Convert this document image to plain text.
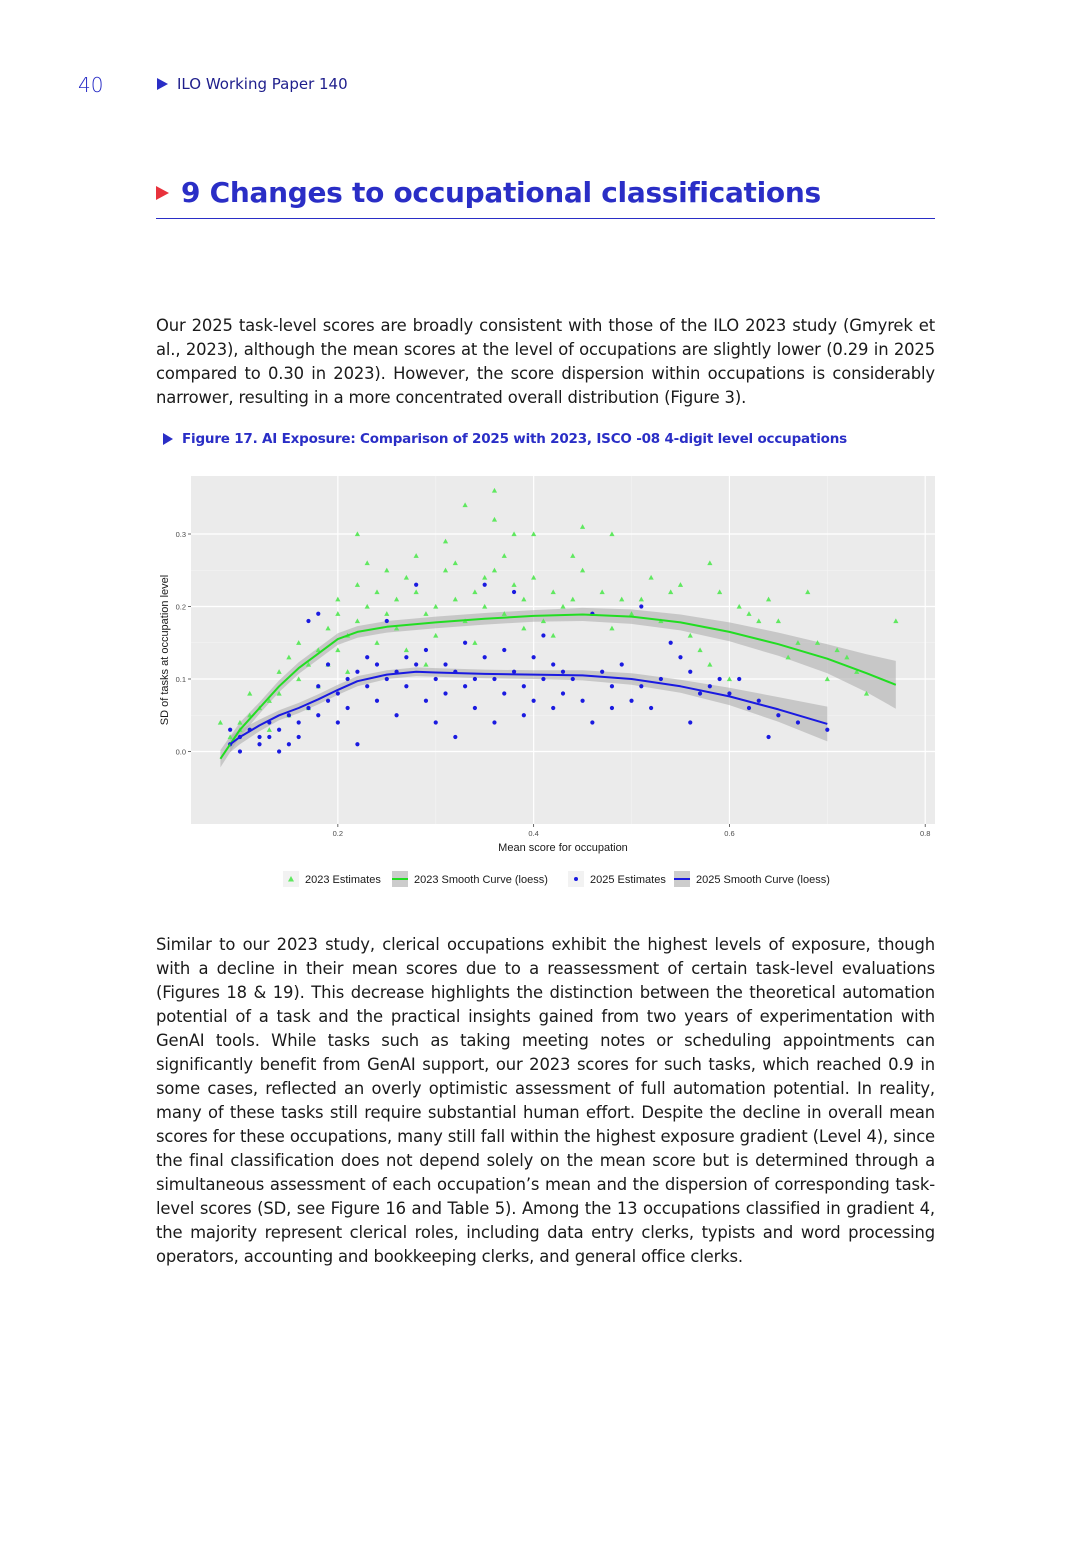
40	ILO Working Paper 140
9 Changes to occupational classifications

Our 2025 task-level scores are broadly consistent with those of the ILO 2023 study (Gmyrek et al., 2023), although the mean scores at the level of occupations are slightly lower (0.29 in 2025 compared to 0.30 in 2023). However, the score dispersion within occupations is considerably narrower, resulting in a more concentrated overall distribution (Figure 3).

Figure 17. AI Exposure: Comparison of 2025 with 2023, ISCO -08 4-digit level occupations
0.2	0.4	0.6	0.8
0.0
0.1
0.2
0.3
Mean score for occupation
SD of tasks at occupation level
2023 Estimates	2023 Smooth Curve (loess)	2025 Estimates	2025 Smooth Curve (loess)

Similar to our 2023 study, clerical occupations exhibit the highest levels of exposure, though with a decline in their mean scores due to a reassessment of certain task-level evaluations (Figures 18 & 19). This decrease highlights the distinction between the theoretical automation potential of a task and the practical insights gained from two years of experimentation with GenAI tools. While tasks such as taking meeting notes or scheduling appointments can significantly benefit from GenAI support, our 2023 scores for such tasks, which reached 0.9 in some cases, reflected an overly optimistic assessment of full automation potential. In reality, many of these tasks still require substantial human effort. Despite the decline in overall mean scores for these occupations, many still fall within the highest exposure gradient (Level 4), since the final classification does not depend solely on the mean score but is determined through a simultaneous assessment of each occupation’s mean and the dispersion of corresponding task-level scores (SD, see Figure 16 and Table 5). Among the 13 occupations classified in gradient 4, the majority represent clerical roles, including data entry clerks, typists and word processing operators, accounting and bookkeeping clerks, and general office clerks.
